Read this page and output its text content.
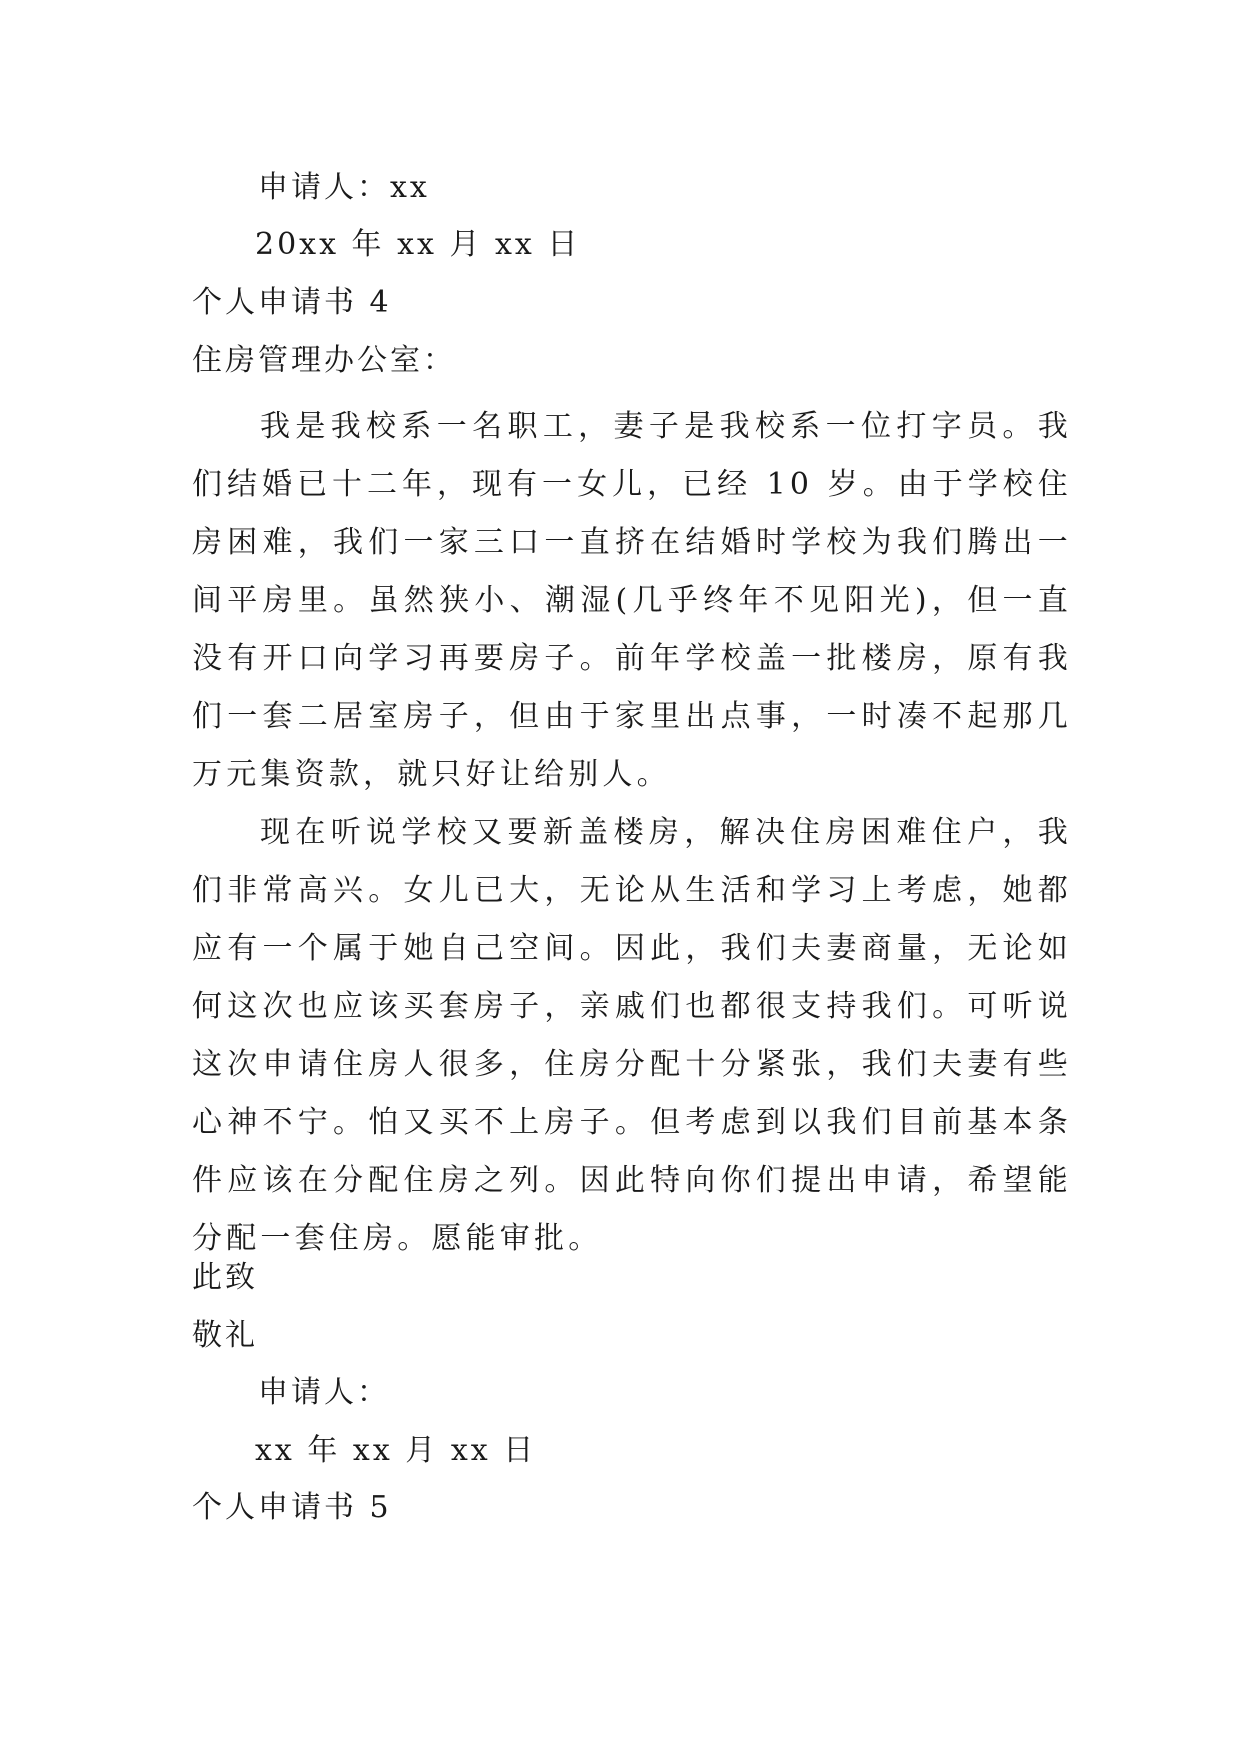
申请人：xx
20xx 年 xx 月 xx 日
个人申请书 4
住房管理办公室：
我是我校系一名职工，妻子是我校系一位打字员。我们结婚已十二年，现有一女儿，已经 10 岁。由于学校住房困难，我们一家三口一直挤在结婚时学校为我们腾出一间平房里。虽然狭小、潮湿(几乎终年不见阳光)，但一直没有开口向学习再要房子。前年学校盖一批楼房，原有我们一套二居室房子，但由于家里出点事，一时凑不起那几万元集资款，就只好让给别人。
现在听说学校又要新盖楼房，解决住房困难住户，我们非常高兴。女儿已大，无论从生活和学习上考虑，她都应有一个属于她自己空间。因此，我们夫妻商量，无论如何这次也应该买套房子，亲戚们也都很支持我们。可听说这次申请住房人很多，住房分配十分紧张，我们夫妻有些心神不宁。怕又买不上房子。但考虑到以我们目前基本条件应该在分配住房之列。因此特向你们提出申请，希望能分配一套住房。愿能审批。
此致
敬礼
申请人：
xx 年 xx 月 xx 日
个人申请书 5
